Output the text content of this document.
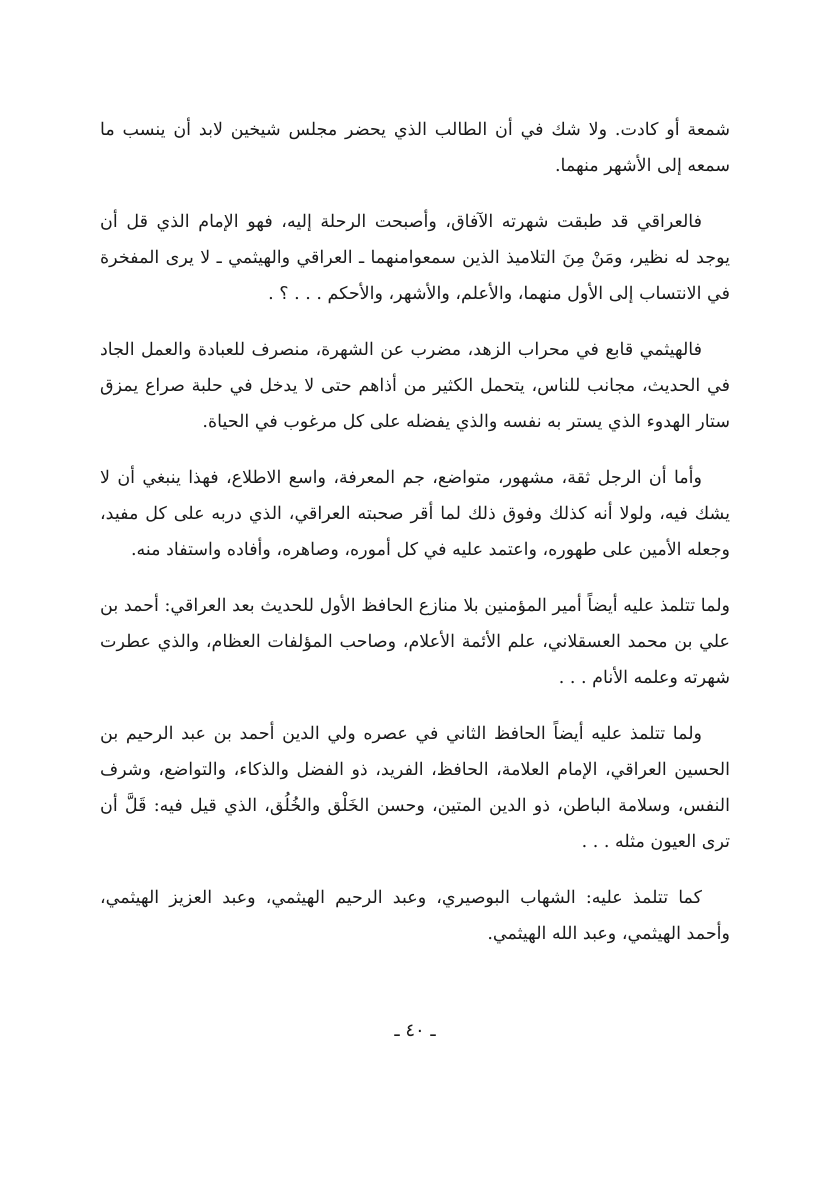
شمعة أو كادت. ولا شك في أن الطالب الذي يحضر مجلس شيخين لابد أن ينسب ما سمعه إلى الأشهر منهما.

فالعراقي قد طبقت شهرته الآفاق، وأصبحت الرحلة إليه، فهو الإمام الذي قل أن يوجد له نظير، ومَنْ مِنَ التلاميذ الذين سمعوامنهما ـ العراقي والهيثمي ـ لا يرى المفخرة في الانتساب إلى الأول منهما، والأعلم، والأشهر، والأحكم . . . ؟ .

فالهيثمي قابع في محراب الزهد، مضرب عن الشهرة، منصرف للعبادة والعمل الجاد في الحديث، مجانب للناس، يتحمل الكثير من أذاهم حتى لا يدخل في حلبة صراع يمزق ستار الهدوء الذي يستر به نفسه والذي يفضله على كل مرغوب في الحياة.

وأما أن الرجل ثقة، مشهور، متواضع، جم المعرفة، واسع الاطلاع، فهذا ينبغي أن لا يشك فيه، ولولا أنه كذلك وفوق ذلك لما أقر صحبته العراقي، الذي دربه على كل مفيد، وجعله الأمين على طهوره، واعتمد عليه في كل أموره، وصاهره، وأفاده واستفاد منه.

ولما تتلمذ عليه أيضاً أمير المؤمنين بلا منازع الحافظ الأول للحديث بعد العراقي: أحمد بن علي بن محمد العسقلاني، علم الأئمة الأعلام، وصاحب المؤلفات العظام، والذي عطرت شهرته وعلمه الأنام . . .

ولما تتلمذ عليه أيضاً الحافظ الثاني في عصره ولي الدين أحمد بن عبد الرحيم بن الحسين العراقي، الإمام العلامة، الحافظ، الفريد، ذو الفضل والذكاء، والتواضع، وشرف النفس، وسلامة الباطن، ذو الدين المتين، وحسن الخَلْق والخُلُق، الذي قيل فيه: قَلَّ أن ترى العيون مثله . . .

كما تتلمذ عليه: الشهاب البوصيري، وعبد الرحيم الهيثمي، وعبد العزيز الهيثمي، وأحمد الهيثمي، وعبد الله الهيثمي.

ـ ٤٠ ـ
